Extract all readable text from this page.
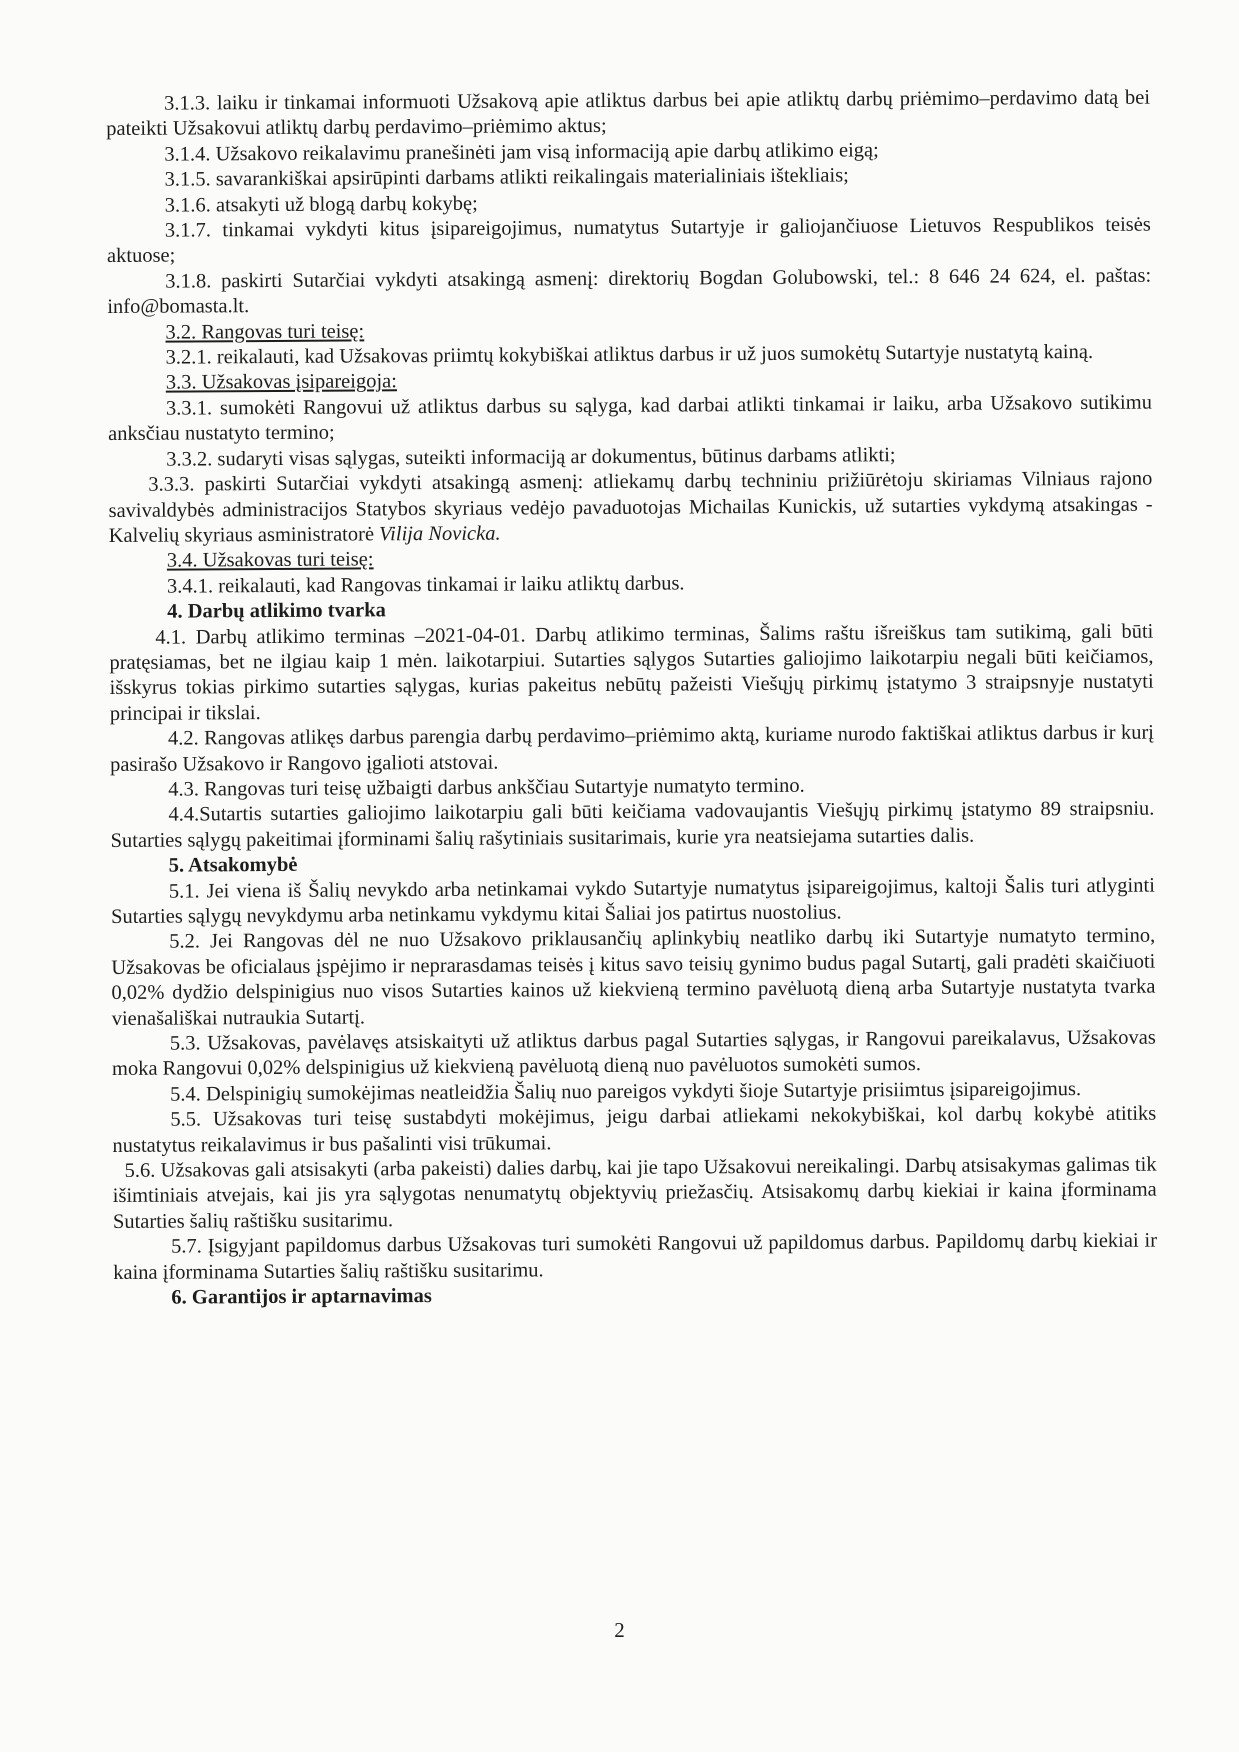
3.1.3. laiku ir tinkamai informuoti Užsakovą apie atliktus darbus bei apie atliktų darbų priėmimo–perdavimo datą bei pateikti Užsakovui atliktų darbų perdavimo–priėmimo aktus;

3.1.4. Užsakovo reikalavimu pranešinėti jam visą informaciją apie darbų atlikimo eigą;

3.1.5. savarankiškai apsirūpinti darbams atlikti reikalingais materialiniais ištekliais;

3.1.6. atsakyti už blogą darbų kokybę;

3.1.7. tinkamai vykdyti kitus įsipareigojimus, numatytus Sutartyje ir galiojančiuose Lietuvos Respublikos teisės aktuose;

3.1.8. paskirti Sutarčiai vykdyti atsakingą asmenį: direktorių Bogdan Golubowski, tel.: 8 646 24 624, el. paštas: info@bomasta.lt.

3.2. Rangovas turi teisę:

3.2.1. reikalauti, kad Užsakovas priimtų kokybiškai atliktus darbus ir už juos sumokėtų Sutartyje nustatytą kainą.

3.3. Užsakovas įsipareigoja:

3.3.1. sumokėti Rangovui už atliktus darbus su sąlyga, kad darbai atlikti tinkamai ir laiku, arba Užsakovo sutikimu anksčiau nustatyto termino;

3.3.2. sudaryti visas sąlygas, suteikti informaciją ar dokumentus, būtinus darbams atlikti;

3.3.3. paskirti Sutarčiai vykdyti atsakingą asmenį: atliekamų darbų techniniu prižiūrėtoju skiriamas Vilniaus rajono savivaldybės administracijos Statybos skyriaus vedėjo pavaduotojas Michailas Kunickis, už sutarties vykdymą atsakingas - Kalvelių skyriaus asministratorė Vilija Novicka.

3.4. Užsakovas turi teisę:

3.4.1. reikalauti, kad Rangovas tinkamai ir laiku atliktų darbus.

4. Darbų atlikimo tvarka

4.1. Darbų atlikimo terminas –2021-04-01. Darbų atlikimo terminas, Šalims raštu išreiškus tam sutikimą, gali būti pratęsiamas, bet ne ilgiau kaip 1 mėn. laikotarpiui. Sutarties sąlygos Sutarties galiojimo laikotarpiu negali būti keičiamos, išskyrus tokias pirkimo sutarties sąlygas, kurias pakeitus nebūtų pažeisti Viešųjų pirkimų įstatymo 3 straipsnyje nustatyti principai ir tikslai.

4.2. Rangovas atlikęs darbus parengia darbų perdavimo–priėmimo aktą, kuriame nurodo faktiškai atliktus darbus ir kurį pasirašo Užsakovo ir Rangovo įgalioti atstovai.

4.3. Rangovas turi teisę užbaigti darbus ankščiau Sutartyje numatyto termino.

4.4.Sutartis sutarties galiojimo laikotarpiu gali būti keičiama vadovaujantis Viešųjų pirkimų įstatymo 89 straipsniu. Sutarties sąlygų pakeitimai įforminami šalių rašytiniais susitarimais, kurie yra neatsiejama sutarties dalis.

5. Atsakomybė

5.1. Jei viena iš Šalių nevykdo arba netinkamai vykdo Sutartyje numatytus įsipareigojimus, kaltoji Šalis turi atlyginti Sutarties sąlygų nevykdymu arba netinkamu vykdymu kitai Šaliai jos patirtus nuostolius.

5.2. Jei Rangovas dėl ne nuo Užsakovo priklausančių aplinkybių neatliko darbų iki Sutartyje numatyto termino, Užsakovas be oficialaus įspėjimo ir neprarasdamas teisės į kitus savo teisių gynimo budus pagal Sutartį, gali pradėti skaičiuoti 0,02% dydžio delspinigius nuo visos Sutarties kainos už kiekvieną termino pavėluotą dieną arba Sutartyje nustatyta tvarka vienašališkai nutraukia Sutartį.

5.3. Užsakovas, pavėlavęs atsiskaityti už atliktus darbus pagal Sutarties sąlygas, ir Rangovui pareikalavus, Užsakovas moka Rangovui 0,02% delspinigius už kiekvieną pavėluotą dieną nuo pavėluotos sumokėti sumos.

5.4. Delspinigių sumokėjimas neatleidžia Šalių nuo pareigos vykdyti šioje Sutartyje prisiimtus įsipareigojimus.

5.5. Užsakovas turi teisę sustabdyti mokėjimus, jeigu darbai atliekami nekokybiškai, kol darbų kokybė atitiks nustatytus reikalavimus ir bus pašalinti visi trūkumai.

5.6. Užsakovas gali atsisakyti (arba pakeisti) dalies darbų, kai jie tapo Užsakovui nereikalingi. Darbų atsisakymas galimas tik išimtiniais atvejais, kai jis yra sąlygotas nenumatytų objektyvių priežasčių. Atsisakomų darbų kiekiai ir kaina įforminama Sutarties šalių raštišku susitarimu.

5.7. Įsigyjant papildomus darbus Užsakovas turi sumokėti Rangovui už papildomus darbus. Papildomų darbų kiekiai ir kaina įforminama Sutarties šalių raštišku susitarimu.

6. Garantijos ir aptarnavimas

2
